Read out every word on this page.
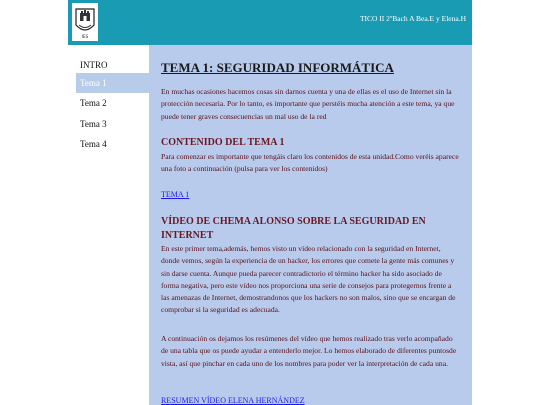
IES
TICO II 2ºBach A Bea.E y Elena.H
INTRO
Tema 1
Tema 2
Tema 3
Tema 4
TEMA 1: SEGURIDAD INFORMÁTICA

En muchas ocasiones hacemos cosas sin darnos cuenta y una de ellas es el uso de Internet sin la protección necesaria. Por lo tanto, es importante que perstéis mucha atención a este tema, ya que puede tener graves consecuencias un mal uso de la red

CONTENIDO DEL TEMA 1

Para comenzar es importante que tengáis claro los contenidos de esta unidad.Como veréis aparece una foto a continuación (pulsa para ver los contenidos)

TEMA 1
VÍDEO DE CHEMA ALONSO SOBRE LA SEGURIDAD EN INTERNET

En este primer tema,además, hemos visto un vídeo relacionado con la seguridad en Internet, donde vemos, según la experiencia de un hacker, los errores que comete la gente más comunes y sin darse cuenta. Aunque pueda parecer contradictorio el término hacker ha sido asociado de forma negativa, pero este vídeo nos proporciona una serie de consejos para protegernos frente a las amenazas de Internet, demostrandonos que los hackers no son malos, sino que se encargan de comprobar si la seguridad es adecuada.

A continuación os dejamos los resúmenes del vídeo que hemos realizado tras verlo acompañado de una tabla que os puede ayudar a entenderlo mejor. Lo hemos elaborado de diferentes puntosde vista, así que pinchar en cada uno de los nombres para poder ver la interpretación de cada una.

RESUMEN VÍDEO ELENA HERNÁNDEZ
